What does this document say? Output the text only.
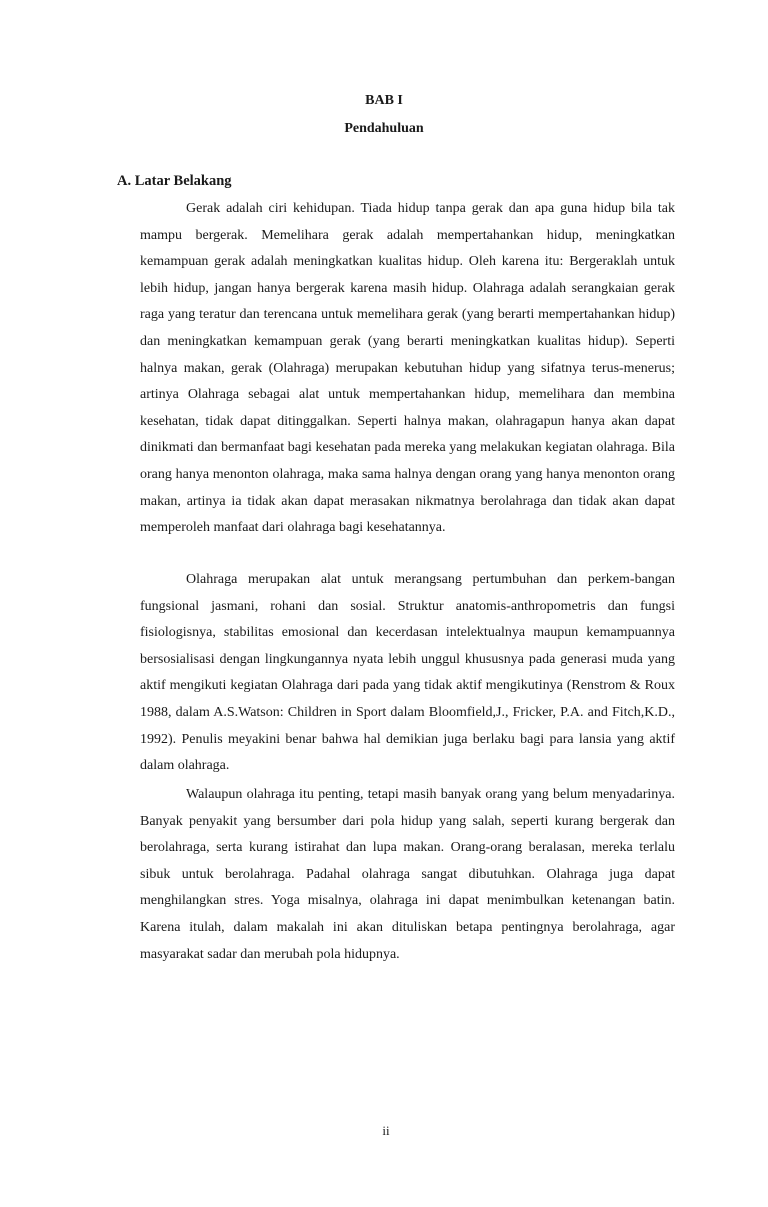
BAB I
Pendahuluan
A. Latar Belakang

Gerak adalah ciri kehidupan. Tiada hidup tanpa gerak dan apa guna hidup bila tak mampu bergerak. Memelihara gerak adalah mempertahankan hidup, meningkatkan kemampuan gerak adalah meningkatkan kualitas hidup. Oleh karena itu: Bergeraklah untuk lebih hidup, jangan hanya bergerak karena masih hidup. Olahraga adalah serangkaian gerak raga yang teratur dan terencana untuk memelihara gerak (yang berarti mempertahankan hidup) dan meningkatkan kemampuan gerak (yang berarti meningkatkan kualitas hidup). Seperti halnya makan, gerak (Olahraga) merupakan kebutuhan hidup yang sifatnya terus-menerus; artinya Olahraga sebagai alat untuk mempertahankan hidup, memelihara dan membina kesehatan, tidak dapat ditinggalkan. Seperti halnya makan, olahragapun hanya akan dapat dinikmati dan bermanfaat bagi kesehatan pada mereka yang melakukan kegiatan olahraga. Bila orang hanya menonton olahraga, maka sama halnya dengan orang yang hanya menonton orang makan, artinya ia tidak akan dapat merasakan nikmatnya berolahraga dan tidak akan dapat memperoleh manfaat dari olahraga bagi kesehatannya.

Olahraga merupakan alat untuk merangsang pertumbuhan dan perkem-bangan fungsional jasmani, rohani dan sosial. Struktur anatomis-anthropometris dan fungsi fisiologisnya, stabilitas emosional dan kecerdasan intelektualnya maupun kemampuannya bersosialisasi dengan lingkungannya nyata lebih unggul khususnya pada generasi muda yang aktif mengikuti kegiatan Olahraga dari pada yang tidak aktif mengikutinya (Renstrom & Roux 1988, dalam A.S.Watson: Children in Sport dalam Bloomfield,J., Fricker, P.A. and Fitch,K.D., 1992). Penulis meyakini benar bahwa hal demikian juga berlaku bagi para lansia yang aktif dalam olahraga.

Walaupun olahraga itu penting, tetapi masih banyak orang yang belum menyadarinya. Banyak penyakit yang bersumber dari pola hidup yang salah, seperti kurang bergerak dan berolahraga, serta kurang istirahat dan lupa makan. Orang-orang beralasan, mereka terlalu sibuk untuk berolahraga. Padahal olahraga sangat dibutuhkan. Olahraga juga dapat menghilangkan stres. Yoga misalnya, olahraga ini dapat menimbulkan ketenangan batin. Karena itulah, dalam makalah ini akan dituliskan betapa pentingnya berolahraga, agar masyarakat sadar dan merubah pola hidupnya.

ii
